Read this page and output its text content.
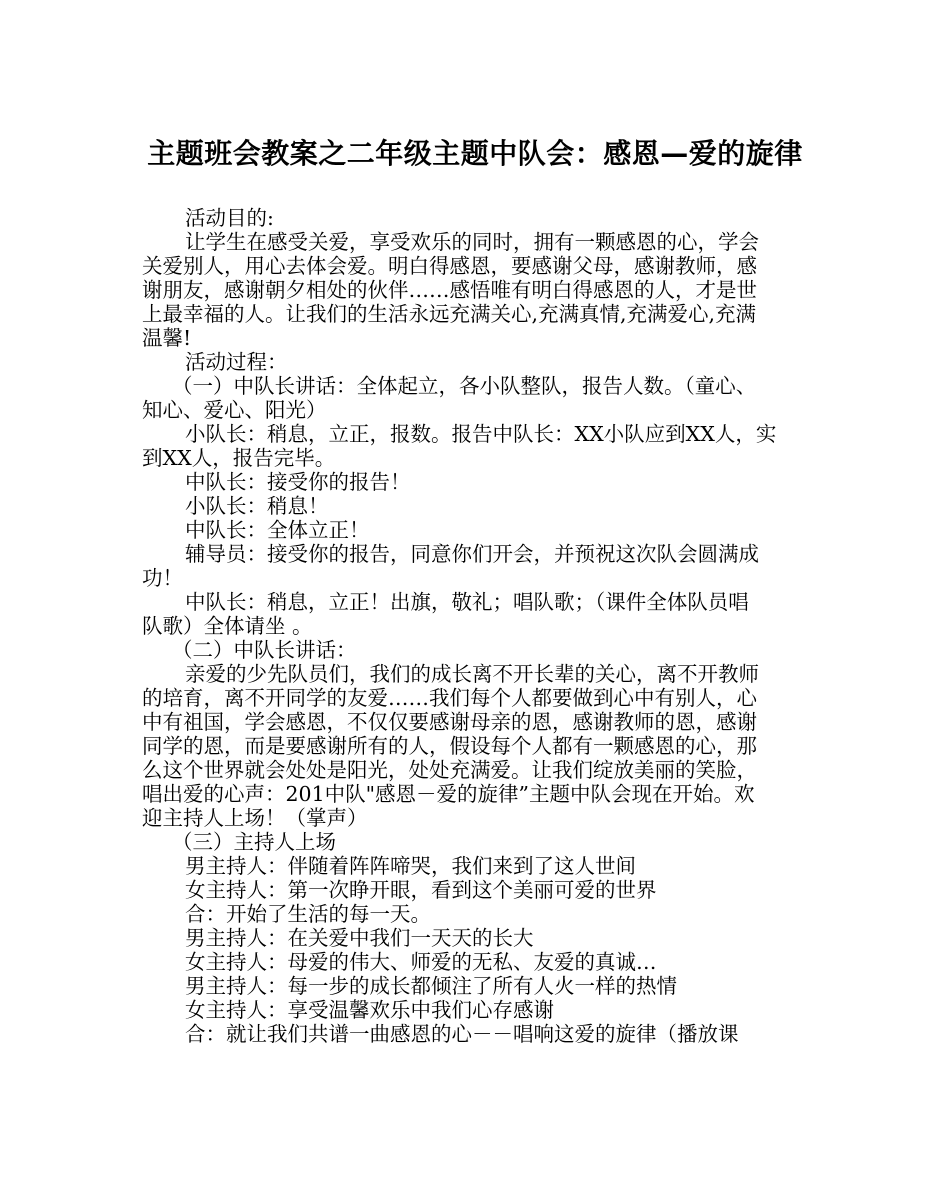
主题班会教案之二年级主题中队会：感恩—爱的旋律
活动目的:
让学生在感受关爱，享受欢乐的同时，拥有一颗感恩的心，学会
关爱别人，用心去体会爱。明白得感恩，要感谢父母，感谢教师，感
谢朋友，感谢朝夕相处的伙伴……感悟唯有明白得感恩的人，才是世
上最幸福的人。让我们的生活永远充满关心,充满真情,充满爱心,充满
温馨!
活动过程：
（一）中队长讲话：全体起立，各小队整队，报告人数。（童心、
知心、爱心、阳光）
小队长：稍息，立正，报数。报告中队长：XX小队应到XX人，实
到XX人，报告完毕。
中队长：接受你的报告！
小队长：稍息！
中队长：全体立正！
辅导员：接受你的报告，同意你们开会，并预祝这次队会圆满成
功！
中队长：稍息，立正！出旗，敬礼；唱队歌；（课件全体队员唱
队歌）全体请坐 。
（二）中队长讲话：
亲爱的少先队员们，我们的成长离不开长辈的关心，离不开教师
的培育，离不开同学的友爱……我们每个人都要做到心中有别人，心
中有祖国，学会感恩，不仅仅要感谢母亲的恩，感谢教师的恩，感谢
同学的恩，而是要感谢所有的人，假设每个人都有一颗感恩的心，那
么这个世界就会处处是阳光，处处充满爱。让我们绽放美丽的笑脸，
唱出爱的心声：201中队"感恩－爱的旋律”主题中队会现在开始。欢
迎主持人上场！（掌声）
（三）主持人上场
男主持人：伴随着阵阵啼哭，我们来到了这人世间
女主持人：第一次睁开眼，看到这个美丽可爱的世界
合：开始了生活的每一天。
男主持人：在关爱中我们一天天的长大
女主持人：母爱的伟大、师爱的无私、友爱的真诚…
男主持人：每一步的成长都倾注了所有人火一样的热情
女主持人：享受温馨欢乐中我们心存感谢
合：就让我们共谱一曲感恩的心－－唱响这爱的旋律（播放课
